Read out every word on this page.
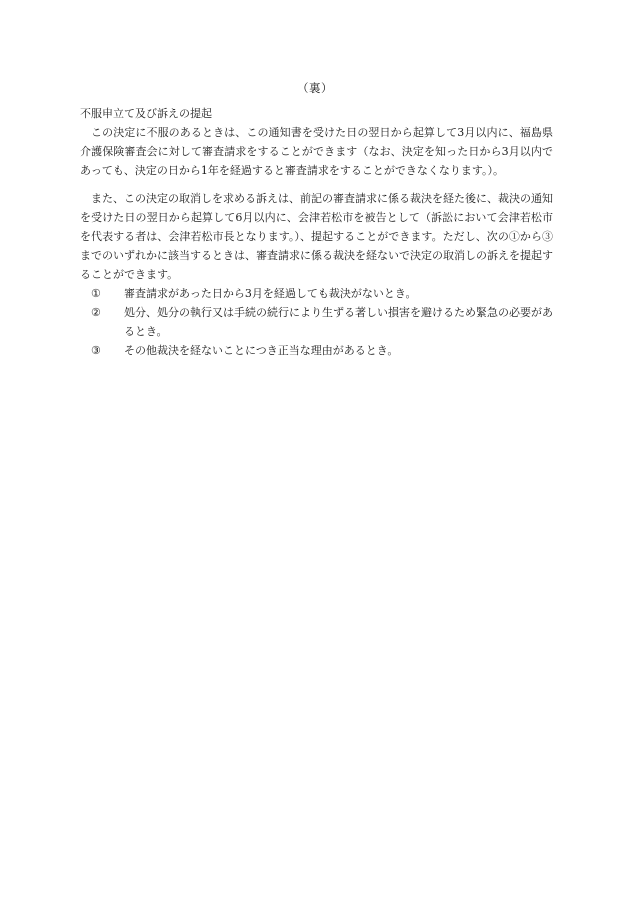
（裏）
不服申立て及び訴えの提起

この決定に不服のあるときは、この通知書を受けた日の翌日から起算して3月以内に、福島県介護保険審査会に対して審査請求をすることができます（なお、決定を知った日から3月以内であっても、決定の日から1年を経過すると審査請求をすることができなくなります。）。

また、この決定の取消しを求める訴えは、前記の審査請求に係る裁決を経た後に、裁決の通知を受けた日の翌日から起算して6月以内に、会津若松市を被告として（訴訟において会津若松市を代表する者は、会津若松市長となります。）、提起することができます。ただし、次の①から③までのいずれかに該当するときは、審査請求に係る裁決を経ないで決定の取消しの訴えを提起することができます。

①	審査請求があった日から3月を経過しても裁決がないとき。
②	処分、処分の執行又は手続の続行により生ずる著しい損害を避けるため緊急の必要があるとき。
③	その他裁決を経ないことにつき正当な理由があるとき。
